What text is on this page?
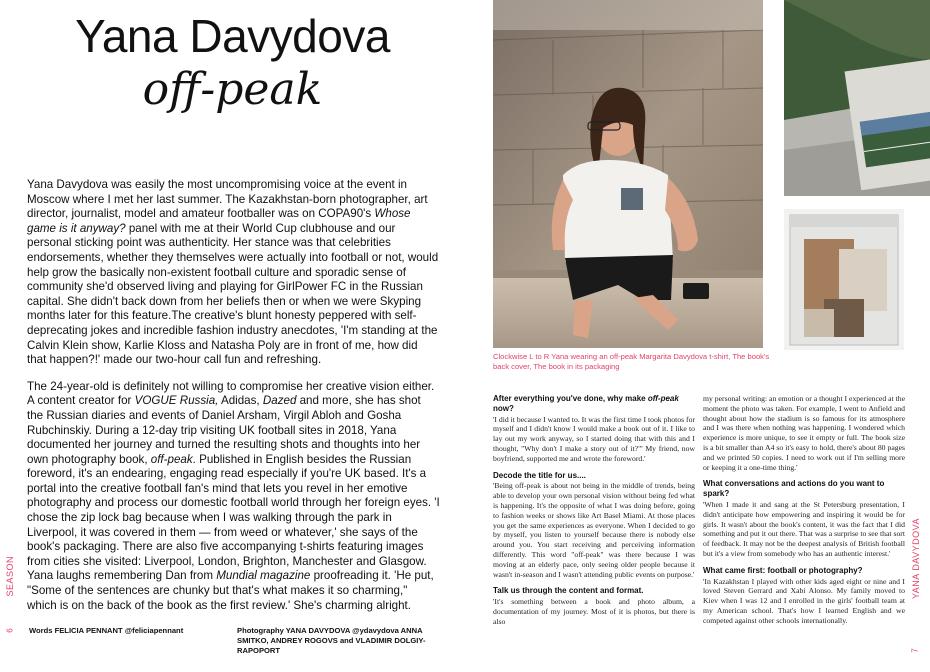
Yana Davydova
off-peak

Yana Davydova was easily the most uncompromising voice at the event in Moscow where I met her last summer. The Kazakhstan-born photographer, art director, journalist, model and amateur footballer was on COPA90's Whose game is it anyway? panel with me at their World Cup clubhouse and our personal sticking point was authenticity. Her stance was that celebrities endorsements, whether they themselves were actually into football or not, would help grow the basically non-existent football culture and sporadic sense of community she'd observed living and playing for GirlPower FC in the Russian capital. She didn't back down from her beliefs then or when we were Skyping months later for this feature.The creative's blunt honesty peppered with self-deprecating jokes and incredible fashion industry anecdotes, 'I'm standing at the Calvin Klein show, Karlie Kloss and Natasha Poly are in front of me, how did that happen?!' made our two-hour call fun and refreshing.

The 24-year-old is definitely not willing to compromise her creative vision either. A content creator for VOGUE Russia, Adidas, Dazed and more, she has shot the Russian diaries and events of Daniel Arsham, Virgil Abloh and Gosha Rubchinskiy. During a 12-day trip visiting UK football sites in 2018, Yana documented her journey and turned the resulting shots and thoughts into her own photography book, off-peak. Published in English besides the Russian foreword, it's an endearing, engaging read especially if you're UK based. It's a portal into the creative football fan's mind that lets you revel in her emotive photography and process our domestic football world through her foreign eyes. 'I chose the zip lock bag because when I was walking through the park in Liverpool, it was covered in them — from weed or whatever,' she says of the book's packaging. There are also five accompanying t-shirts featuring images from cities she visited: Liverpool, London, Brighton, Manchester and Glasgow. Yana laughs remembering Dan from Mundial magazine proofreading it. 'He put, "Some of the sentences are chunky but that's what makes it so charming," which is on the back of the book as the first review.' She's charming alright.

SEASON
6 Words FELICIA PENNANT @feliciapennant	Photography YANA DAVYDOVA @ydavydova ANNA SMITKO, ANDREY ROGOVS and VLADIMIR DOLGIY-RAPOPORT
Clockwise L to R Yana wearing an off-peak Margarita Davydova t-shirt, The book's back cover, The book in its packaging

After everything you've done, why make off-peak now?

'I did it because I wanted to. It was the first time I took photos for myself and I didn't know I would make a book out of it. I like to lay out my work anyway, so I started doing that with this and I thought, "Why don't I make a story out of it?"' My friend, now boyfriend, supported me and wrote the foreword.'

Decode the title for us....

'Being off-peak is about not being in the middle of trends, being able to develop your own personal vision without being fed what is happening. It's the opposite of what I was doing before, going to fashion weeks or shows like Art Basel Miami. At those places you get the same experiences as everyone. When I decided to go by myself, you listen to yourself because there is nobody else around you. You start receiving and perceiving information differently. This word "off-peak" was there because I was moving at an elderly pace, only seeing older people because it wasn't in-season and I wasn't attending public events on purpose.'

Talk us through the content and format.

'It's something between a book and photo album, a documentation of my journey. Most of it is photos, but there is also

my personal writing: an emotion or a thought I experienced at the moment the photo was taken. For example, I went to Anfield and thought about how the stadium is so famous for its atmosphere and I was there when nothing was happening. I wondered which experience is more unique, to see it empty or full. The book size is a bit smaller than A4 so it's easy to hold, there's about 80 pages and we printed 50 copies. I need to work out if I'm selling more or keeping it a one-time thing.'

What conversations and actions do you want to spark?

'When I made it and sang at the St Petersburg presentation, I didn't anticipate how empowering and inspiring it would be for girls. It wasn't about the book's content, it was the fact that I did something and put it out there. That was a surprise to see that sort of feedback. It may not be the deepest analysis of British football but it's a view from somebody who has an authentic interest.'

What came first: football or photography?

'In Kazakhstan I played with other kids aged eight or nine and I loved Steven Gerrard and Xabi Alonso. My family moved to Kiev when I was 12 and I enrolled in the girls' football team at my American school. That's how I learned English and we competed against other schools internationally.

YANA DAVYDOVA
7
